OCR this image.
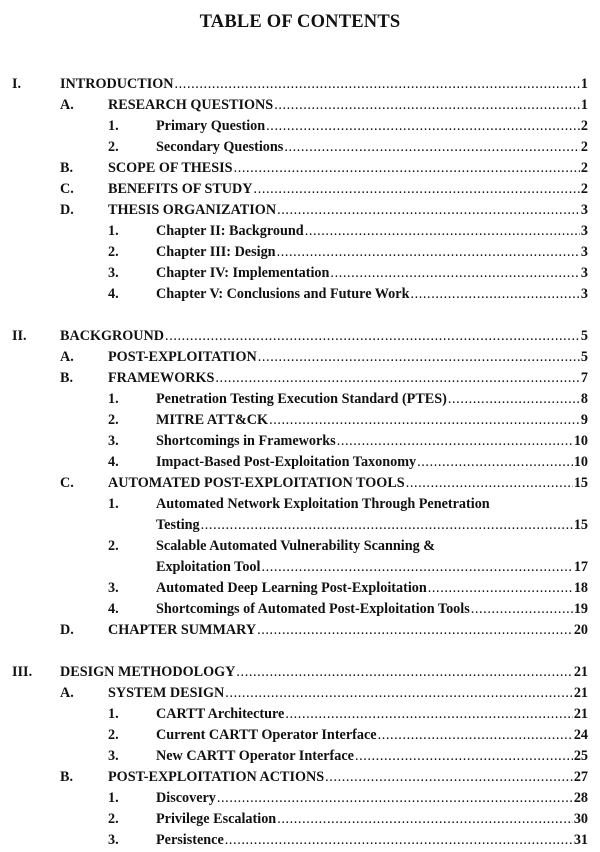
TABLE OF CONTENTS
I.	INTRODUCTION .....	1
A. RESEARCH QUESTIONS .....	1
1.	Primary Question .....	2
2.	Secondary Questions .....	2
B. SCOPE OF THESIS .....	2
C. BENEFITS OF STUDY .....	2
D. THESIS ORGANIZATION .....	3
1.	Chapter II: Background .....	3
2.	Chapter III: Design .....	3
3.	Chapter IV: Implementation .....	3
4.	Chapter V: Conclusions and Future Work .....	3
II. BACKGROUND .....	5
A. POST-EXPLOITATION .....	5
B. FRAMEWORKS .....	7
1.	Penetration Testing Execution Standard (PTES) .....	8
2.	MITRE ATT&CK .....	9
3.	Shortcomings in Frameworks .....	10
4.	Impact-Based Post-Exploitation Taxonomy .....	10
C. AUTOMATED POST-EXPLOITATION TOOLS .....	15
1.	Automated Network Exploitation Through Penetration
Testing .....	15
2.	Scalable Automated Vulnerability Scanning &
Exploitation Tool .....	17
3.	Automated Deep Learning Post-Exploitation .....	18
4.	Shortcomings of Automated Post-Exploitation Tools .....	19
D. CHAPTER SUMMARY .....	20
III. DESIGN METHODOLOGY .....	21
A. SYSTEM DESIGN .....	21
1.	CARTT Architecture .....	21
2.	Current CARTT Operator Interface .....	24
3.	New CARTT Operator Interface .....	25
B. POST-EXPLOITATION ACTIONS .....	27
1.	Discovery .....	28
2.	Privilege Escalation .....	30
3.	Persistence .....	31
